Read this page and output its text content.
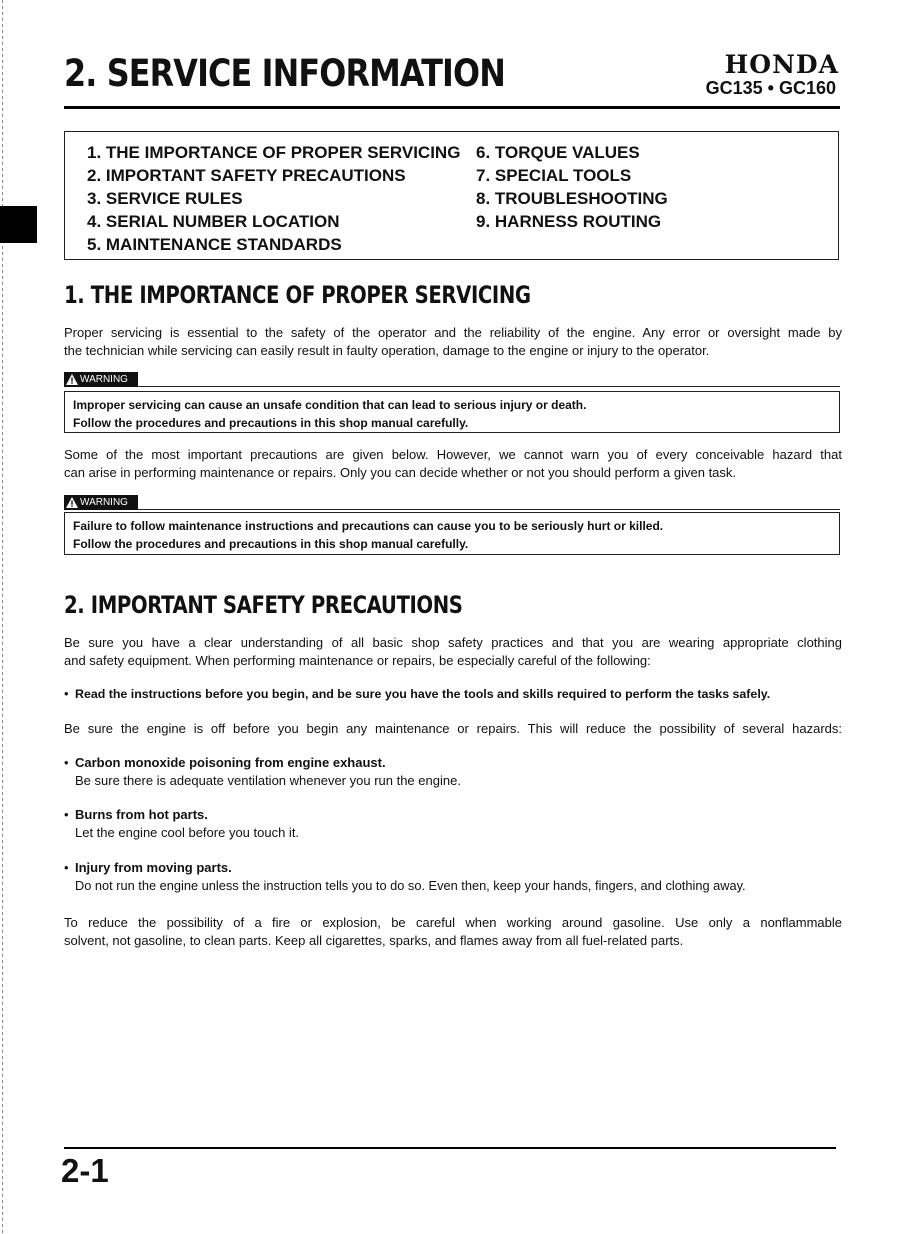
2. SERVICE INFORMATION	HONDA
GC135 • GC160
1. THE IMPORTANCE OF PROPER SERVICING
2. IMPORTANT SAFETY PRECAUTIONS
3. SERVICE RULES
4. SERIAL NUMBER LOCATION
5. MAINTENANCE STANDARDS
6. TORQUE VALUES
7. SPECIAL TOOLS
8. TROUBLESHOOTING
9. HARNESS ROUTING
1. THE IMPORTANCE OF PROPER SERVICING
Proper servicing is essential to the safety of the operator and the reliability of the engine. Any error or oversight made by
the technician while servicing can easily result in faulty operation, damage to the engine or injury to the operator.
WARNING

Improper servicing can cause an unsafe condition that can lead to serious injury or death.

Follow the procedures and precautions in this shop manual carefully.

Some of the most important precautions are given below. However, we cannot warn you of every conceivable hazard that
can arise in performing maintenance or repairs. Only you can decide whether or not you should perform a given task.
WARNING

Failure to follow maintenance instructions and precautions can cause you to be seriously hurt or killed.

Follow the procedures and precautions in this shop manual carefully.

2. IMPORTANT SAFETY PRECAUTIONS
Be sure you have a clear understanding of all basic shop safety practices and that you are wearing appropriate clothing
and safety equipment. When performing maintenance or repairs, be especially careful of the following:
• Read the instructions before you begin, and be sure you have the tools and skills required to perform the tasks safely.
Be sure the engine is off before you begin any maintenance or repairs. This will reduce the possibility of several hazards:
• Carbon monoxide poisoning from engine exhaust.
Be sure there is adequate ventilation whenever you run the engine.
• Burns from hot parts.
Let the engine cool before you touch it.
• Injury from moving parts.
Do not run the engine unless the instruction tells you to do so. Even then, keep your hands, fingers, and clothing away.
To reduce the possibility of a fire or explosion, be careful when working around gasoline. Use only a nonflammable
solvent, not gasoline, to clean parts. Keep all cigarettes, sparks, and flames away from all fuel-related parts.
2-1
